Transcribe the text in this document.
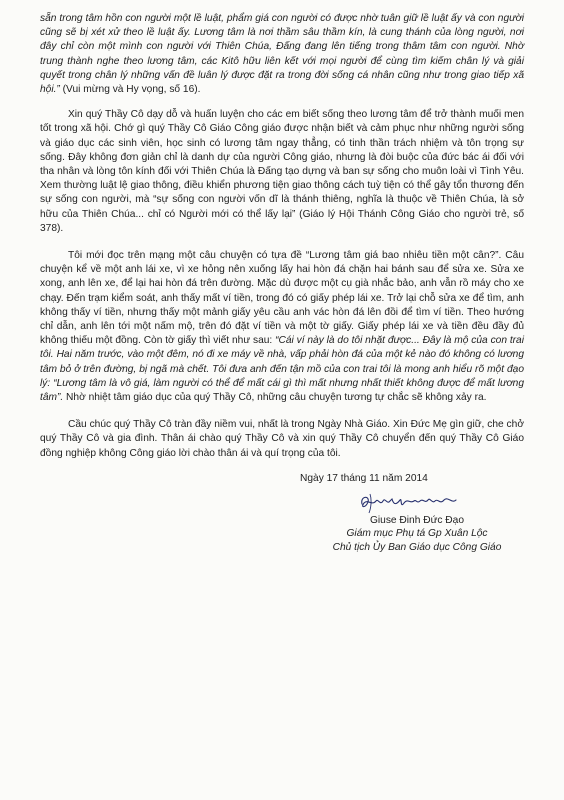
sẵn trong tâm hồn con người một lề luật, phẩm giá con người có được nhờ tuân giữ lề luật ấy và con người cũng sẽ bị xét xử theo lề luật ấy. Lương tâm là nơi thầm sâu thầm kín, là cung thánh của lòng người, nơi đây chỉ còn một mình con người với Thiên Chúa, Đấng đang lên tiếng trong thâm tâm con người. Nhờ trung thành nghe theo lương tâm, các Kitô hữu liên kết với mọi người để cùng tìm kiếm chân lý và giải quyết trong chân lý những vấn đề luân lý được đặt ra trong đời sống cá nhân cũng như trong giao tiếp xã hội.” (Vui mừng và Hy vọng, số 16).

Xin quý Thầy Cô dạy dỗ và huấn luyện cho các em biết sống theo lương tâm để trở thành muối men tốt trong xã hội. Chớ gì quý Thầy Cô Giáo Công giáo được nhận biết và cảm phục như những người sống và giáo dục các sinh viên, học sinh có lương tâm ngay thẳng, có tinh thần trách nhiệm và tôn trọng sự sống. Đây không đơn giản chỉ là danh dự của người Công giáo, nhưng là đòi buộc của đức bác ái đối với tha nhân và lòng tôn kính đối với Thiên Chúa là Đấng tạo dựng và ban sự sống cho muôn loài vì Tình Yêu. Xem thường luật lệ giao thông, điều khiển phương tiện giao thông cách tuỳ tiện có thể gây tổn thương đến sự sống con người, mà “sự sống con người vốn dĩ là thánh thiêng, nghĩa là thuộc về Thiên Chúa, là sở hữu của Thiên Chúa... chỉ có Người mới có thể lấy lại” (Giáo lý Hội Thánh Công Giáo cho người trẻ, số 378).

Tôi mới đọc trên mạng một câu chuyện có tựa đề “Lương tâm giá bao nhiêu tiền một cân?”. Câu chuyện kể về một anh lái xe, vì xe hỏng nên xuống lấy hai hòn đá chặn hai bánh sau để sửa xe. Sửa xe xong, anh lên xe, để lại hai hòn đá trên đường. Mặc dù được một cụ già nhắc bảo, anh vẫn rồ máy cho xe chạy. Đến trạm kiểm soát, anh thấy mất ví tiền, trong đó có giấy phép lái xe. Trở lại chỗ sửa xe để tìm, anh không thấy ví tiền, nhưng thấy một mảnh giấy yêu cầu anh vác hòn đá lên đồi để tìm ví tiền. Theo hướng chỉ dẫn, anh lên tới một nấm mộ, trên đó đặt ví tiền và một tờ giấy. Giấy phép lái xe và tiền đều đầy đủ không thiếu một đồng. Còn tờ giấy thì viết như sau: “Cái ví này là do tôi nhặt được... Đây là mộ của con trai tôi. Hai năm trước, vào một đêm, nó đi xe máy về nhà, vấp phải hòn đá của một kẻ nào đó không có lương tâm bỏ ở trên đường, bị ngã mà chết. Tôi đưa anh đến tận mồ của con trai tôi là mong anh hiểu rõ một đạo lý: “Lương tâm là vô giá, làm người có thể để mất cái gì thì mất nhưng nhất thiết không được để mất lương tâm”. Nhờ nhiệt tâm giáo dục của quý Thầy Cô, những câu chuyện tương tự chắc sẽ không xảy ra.

Cầu chúc quý Thầy Cô tràn đầy niềm vui, nhất là trong Ngày Nhà Giáo. Xin Đức Mẹ gìn giữ, che chở quý Thầy Cô và gia đình. Thân ái chào quý Thầy Cô và xin quý Thầy Cô chuyển đến quý Thầy Cô Giáo đồng nghiệp không Công giáo lời chào thân ái và quí trọng của tôi.

Ngày 17 tháng 11 năm 2014
Giuse Đinh Đức Đạo
Giám mục Phụ tá Gp Xuân Lộc
Chủ tịch Ủy Ban Giáo dục Công Giáo
